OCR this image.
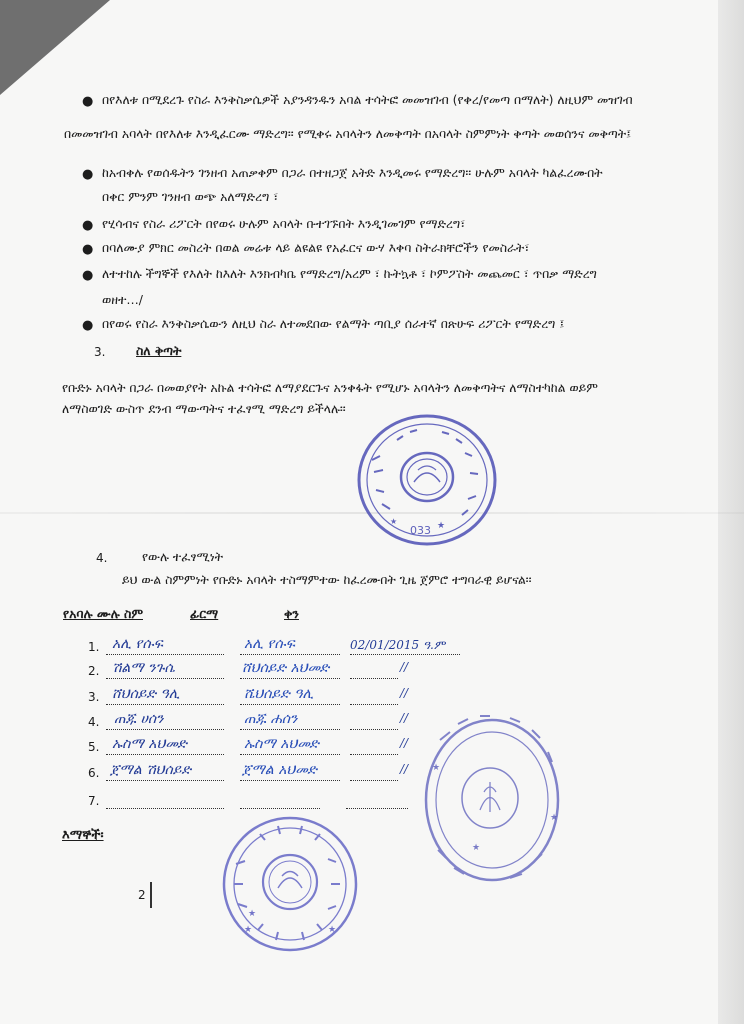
● በየእለቱ በሚደረጉ የስራ እንቅስቃሴዎች አያንዳንዱን አባል ተሳትፎ መመዝገብ (የቀረ/የመጣ በማለት) ለዚህም መዝገብ
በመመዝገብ አባላት በየእለቱ እንዲፈርሙ ማድረግ፡፡ የሚቀሩ አባላትን ለመቅጣት በአባላት ስምምነት ቅጣት መወሰንና መቅጣት፤
● ከአብቀሉ የወሰዱትን ገንዘብ አጠቃቀም በጋራ በተዘጋጀ አትድ እንዲመሩ የማድረግ፡፡ ሁሉም አባላት ካልፈረሙበት
በቀር ምንም ገንዘብ ወጭ አለማድረግ ፣
● የሂሳብና የስራ ሪፖርት በየወሩ ሁሉም አባላት ቡተገኙበት እንዲገመገም የማድረግ፣
● በባለሙያ ምክር መስረት በወል መሬቱ ላይ ልዩልዩ የአፈርና ውሃ እቀባ ስትራክቸሮችን የመስራት፣
● ለተተከሉ ችግኞች የእለት ከእለት እንክብካቤ የማድረግ/አረም ፣ ኩትኳቶ ፣ ኮምፖስት መጨመር ፣ ጥበቃ ማድረግ
ወዘተ…/
● በየወሩ የስራ እንቅስቃሴውን ለዚህ ስራ ለተመደበው የልማት ጣቢያ ሰራተኛ በጽሁፍ ሪፖርት የማድረግ ፤
3. ስለ ቅጣት
የቡድኑ አባላት በጋራ በመወያየት አኩል ተሳትፎ ለማያደርጉና አንቀፋት የሚሆኑ አባላትን ለመቅጣትና ለማስተካከል ወይም
ለማስወገድ ውስጥ ደንብ ማውጣትና ተፈፃሚ ማድረግ ይችላሉ፡፡
033 ★
★
4.	የውሉ ተፈፃሚነት
ይህ ውል ስምምነት የቡድኑ አባላት ተስማምተው ከፈረሙበት ጊዜ ጀምሮ ተግባራዊ ይሆናል፡፡
የአባሉ ሙሉ ስም	ፊርማ	ቀን
1. አሊ የሱፍ	አሊ የሱፍ	02/01/2015 ዓ.ም
2. ሽልማ ንጉሴ	ሸህሰይድ አህመድ	//
3. ሸህሰይድ ዓሊ	ሼህሰይድ ዓሊ	//
4. ጠጁ ሀሰን	ጠጁ ሐሰን	//
5. ኡስማ አህመድ	ኡስማ አህመድ	//
6. ጀማል ሽህሰይድ	ጀማል አህመድ	//
7.
★
★
★
እማኞች፡
★	★
★
2
